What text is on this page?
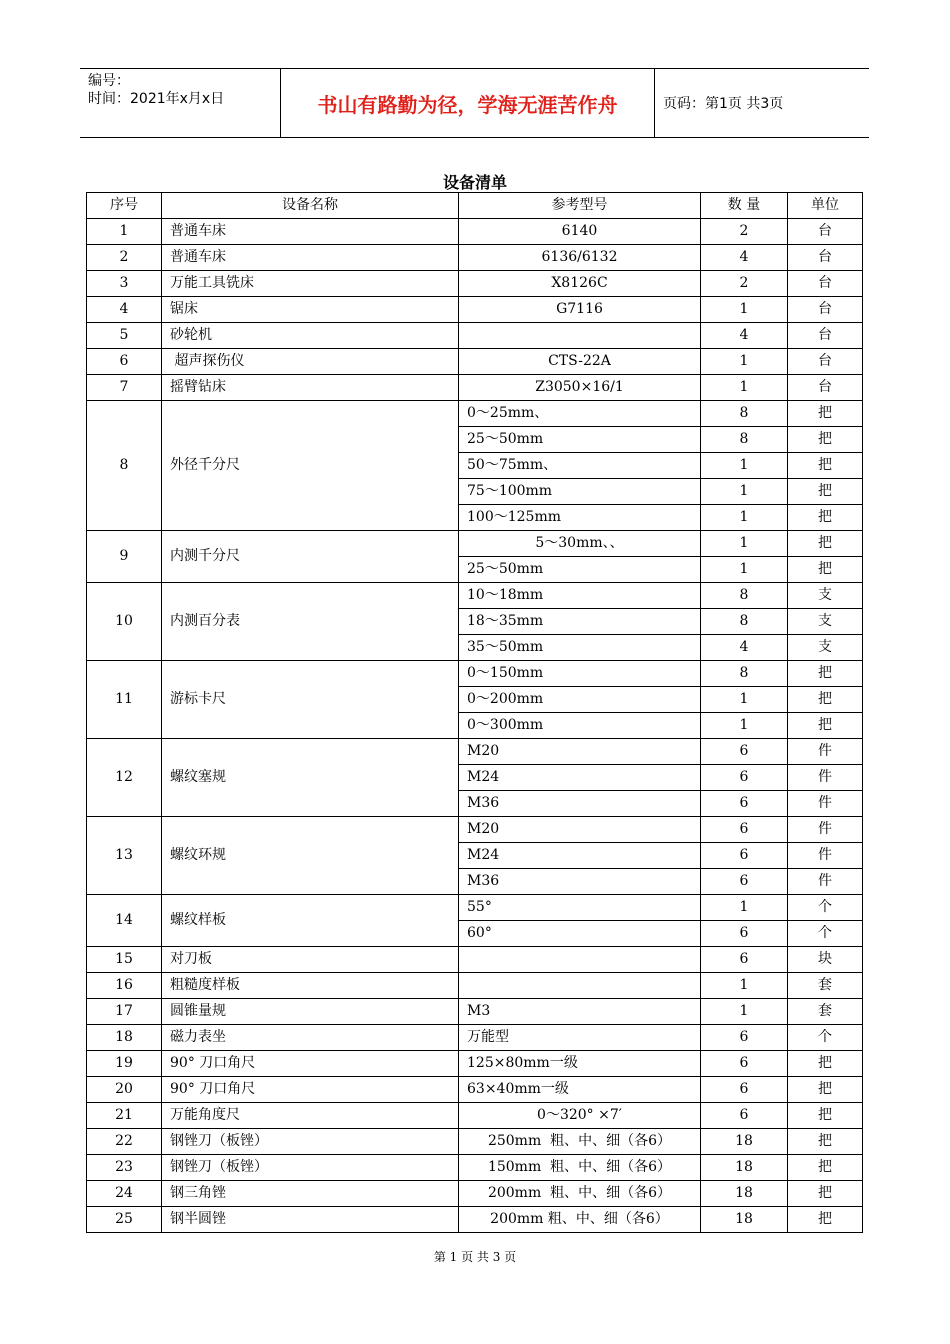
编号：
时间：2021年x月x日	书山有路勤为径，学海无涯苦作舟	页码：第1页 共3页
设备清单
序号	设备名称	参考型号	数 量	单位
1	普通车床	6140	2	台
2	普通车床	6136/6132	4	台
3	万能工具铣床	X8126C	2	台
4	锯床	G7116	1	台
5	砂轮机		4	台
6	超声探伤仪	CTS-22A	1	台
7	摇臂钻床	Z3050×16/1	1	台
8	外径千分尺	0～25mm、	8	把
		25～50mm	8	把
		50～75mm、	1	把
		75～100mm	1	把
		100～125mm	1	把
9	内测千分尺	5～30mm、、	1	把
		25～50mm	1	把
10	内测百分表	10～18mm	8	支
		18～35mm	8	支
		35～50mm	4	支
11	游标卡尺	0～150mm	8	把
		0～200mm	1	把
		0～300mm	1	把
12	螺纹塞规	M20	6	件
		M24	6	件
		M36	6	件
13	螺纹环规	M20	6	件
		M24	6	件
		M36	6	件
14	螺纹样板	55°	1	个
		60°	6	个
15	对刀板		6	块
16	粗糙度样板		1	套
17	圆锥量规	M3	1	套
18	磁力表坐	万能型	6	个
19	90° 刀口角尺	125×80mm一级	6	把
20	90° 刀口角尺	63×40mm一级	6	把
21	万能角度尺	0～320° ×7′	6	把
22	钢锉刀（板锉）	250mm  粗、中、细（各6）	18	把
23	钢锉刀（板锉）	150mm  粗、中、细（各6）	18	把
24	钢三角锉	200mm  粗、中、细（各6）	18	把
25	钢半圆锉	200mm 粗、中、细（各6）	18	把
第 1 页 共 3 页
